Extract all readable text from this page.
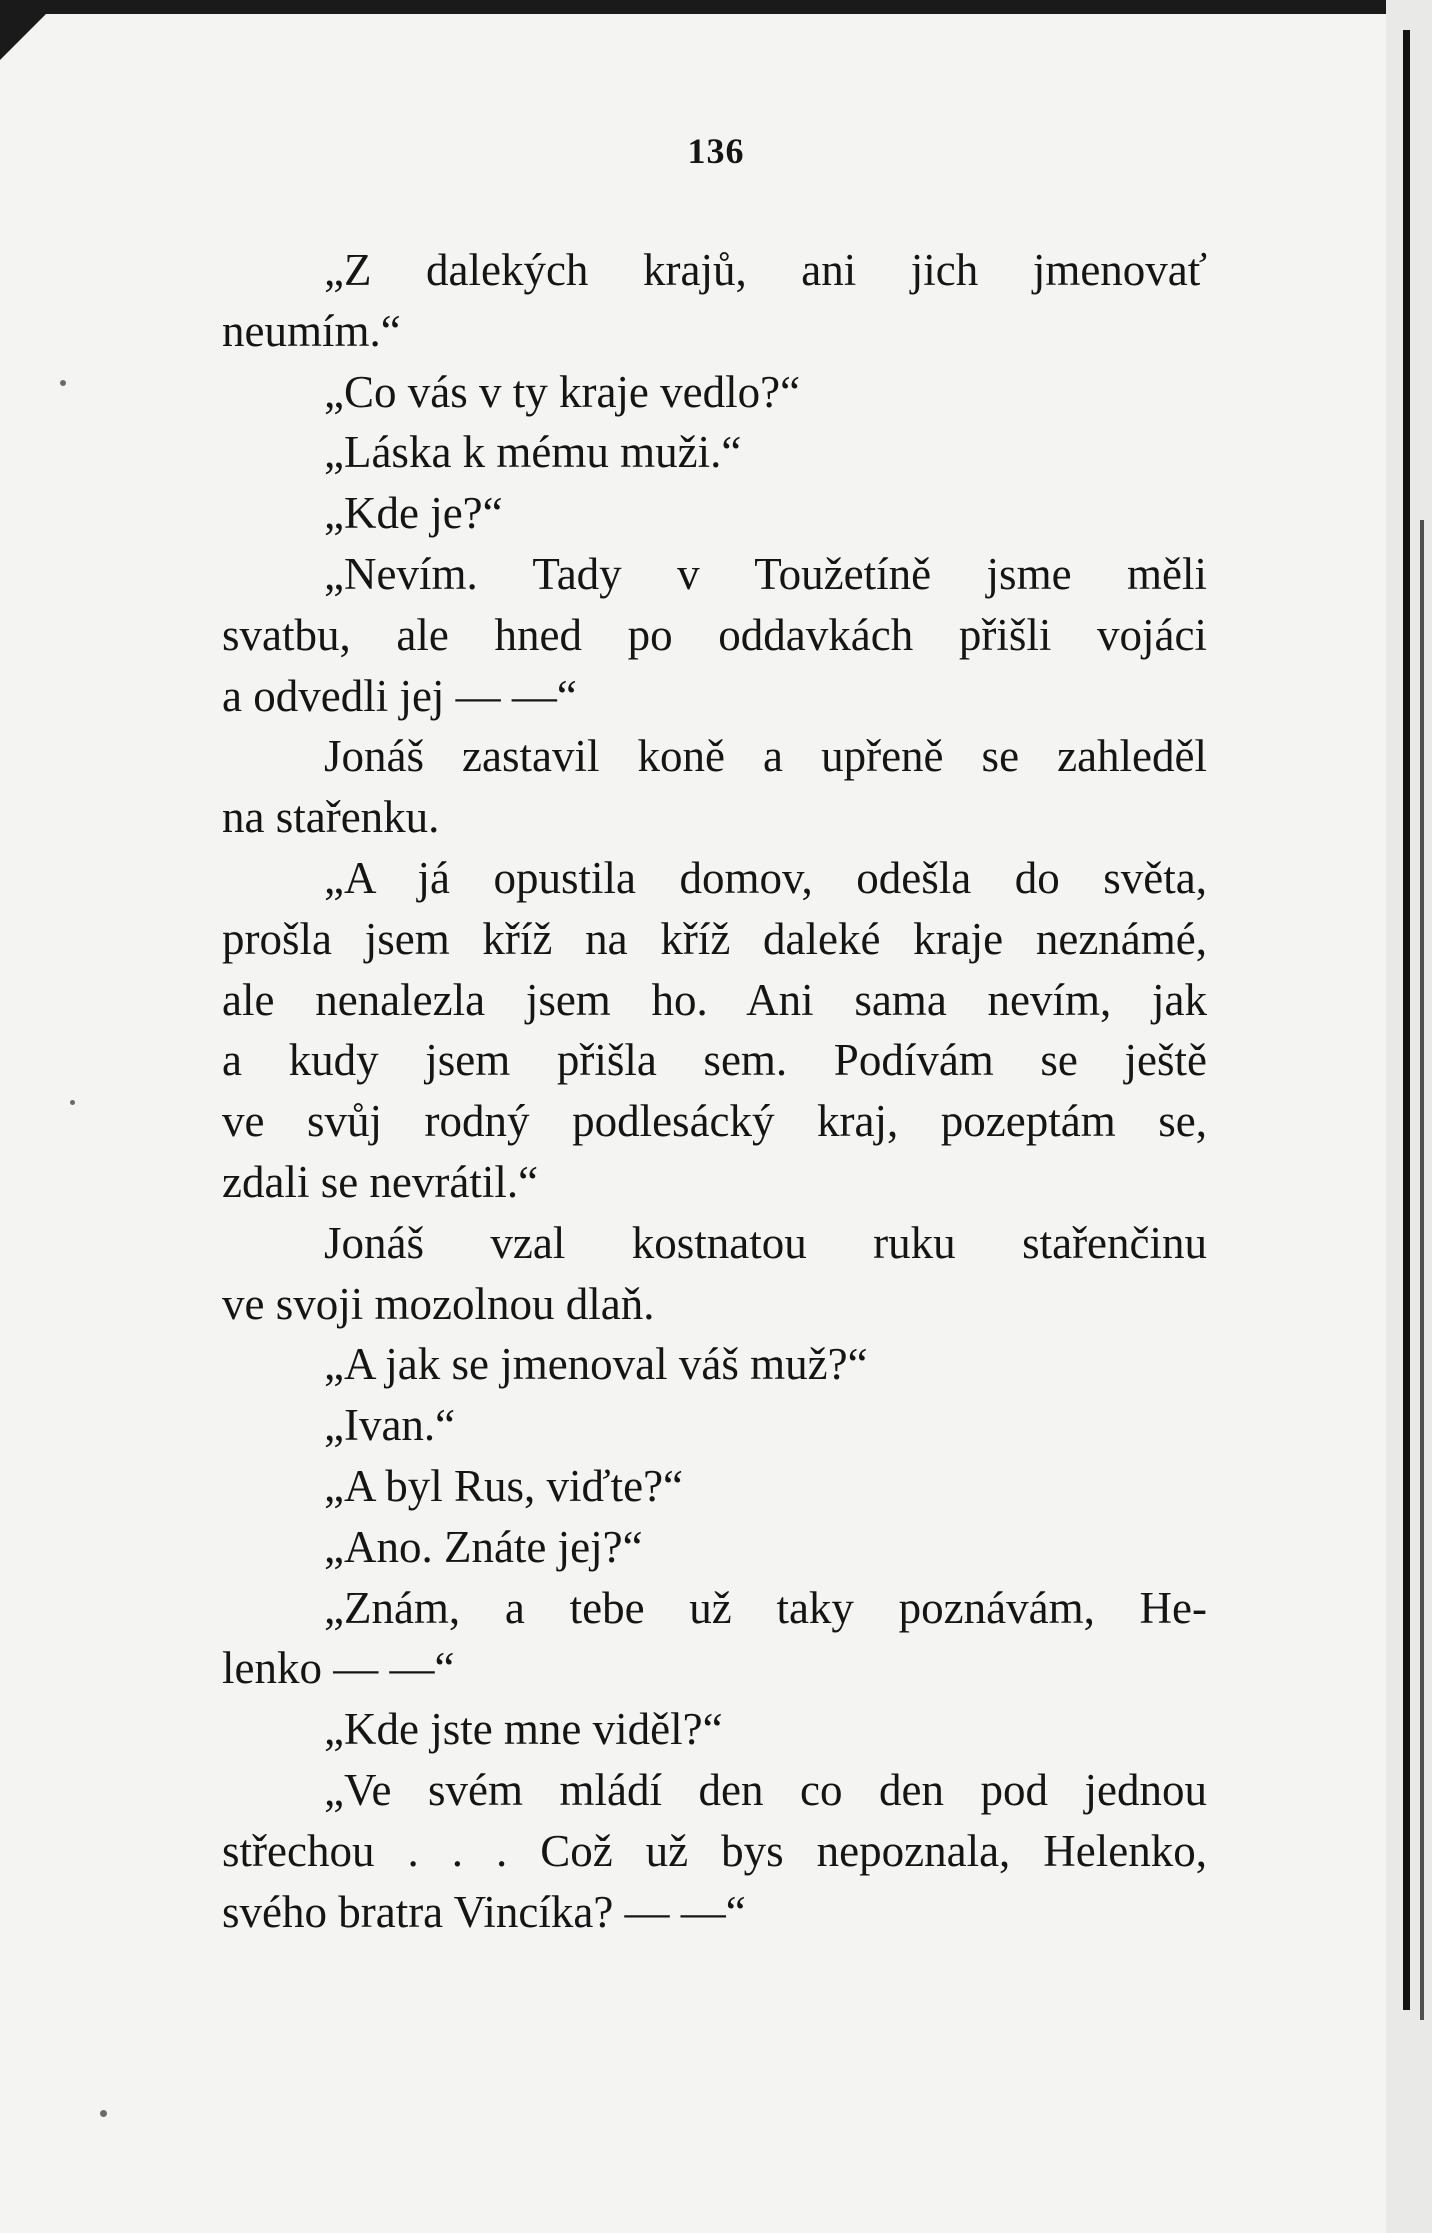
136
„Z dalekých krajů, ani jich jmenovať
neumím.“
„Co vás v ty kraje vedlo?“
„Láska k mému muži.“
„Kde je?“
„Nevím. Tady v Toužetíně jsme měli
svatbu, ale hned po oddavkách přišli vojáci
a odvedli jej — —“
Jonáš zastavil koně a upřeně se zahleděl
na stařenku.
„A já opustila domov, odešla do světa,
prošla jsem kříž na kříž daleké kraje neznámé,
ale nenalezla jsem ho. Ani sama nevím, jak
a kudy jsem přišla sem. Podívám se ještě
ve svůj rodný podlesácký kraj, pozeptám se,
zdali se nevrátil.“
Jonáš vzal kostnatou ruku stařenčinu
ve svoji mozolnou dlaň.
„A jak se jmenoval váš muž?“
„Ivan.“
„A byl Rus, viďte?“
„Ano. Znáte jej?“
„Znám, a tebe už taky poznávám, He-
lenko — —“
„Kde jste mne viděl?“
„Ve svém mládí den co den pod jednou
střechou . . . Což už bys nepoznala, Helenko,
svého bratra Vincíka? — —“
